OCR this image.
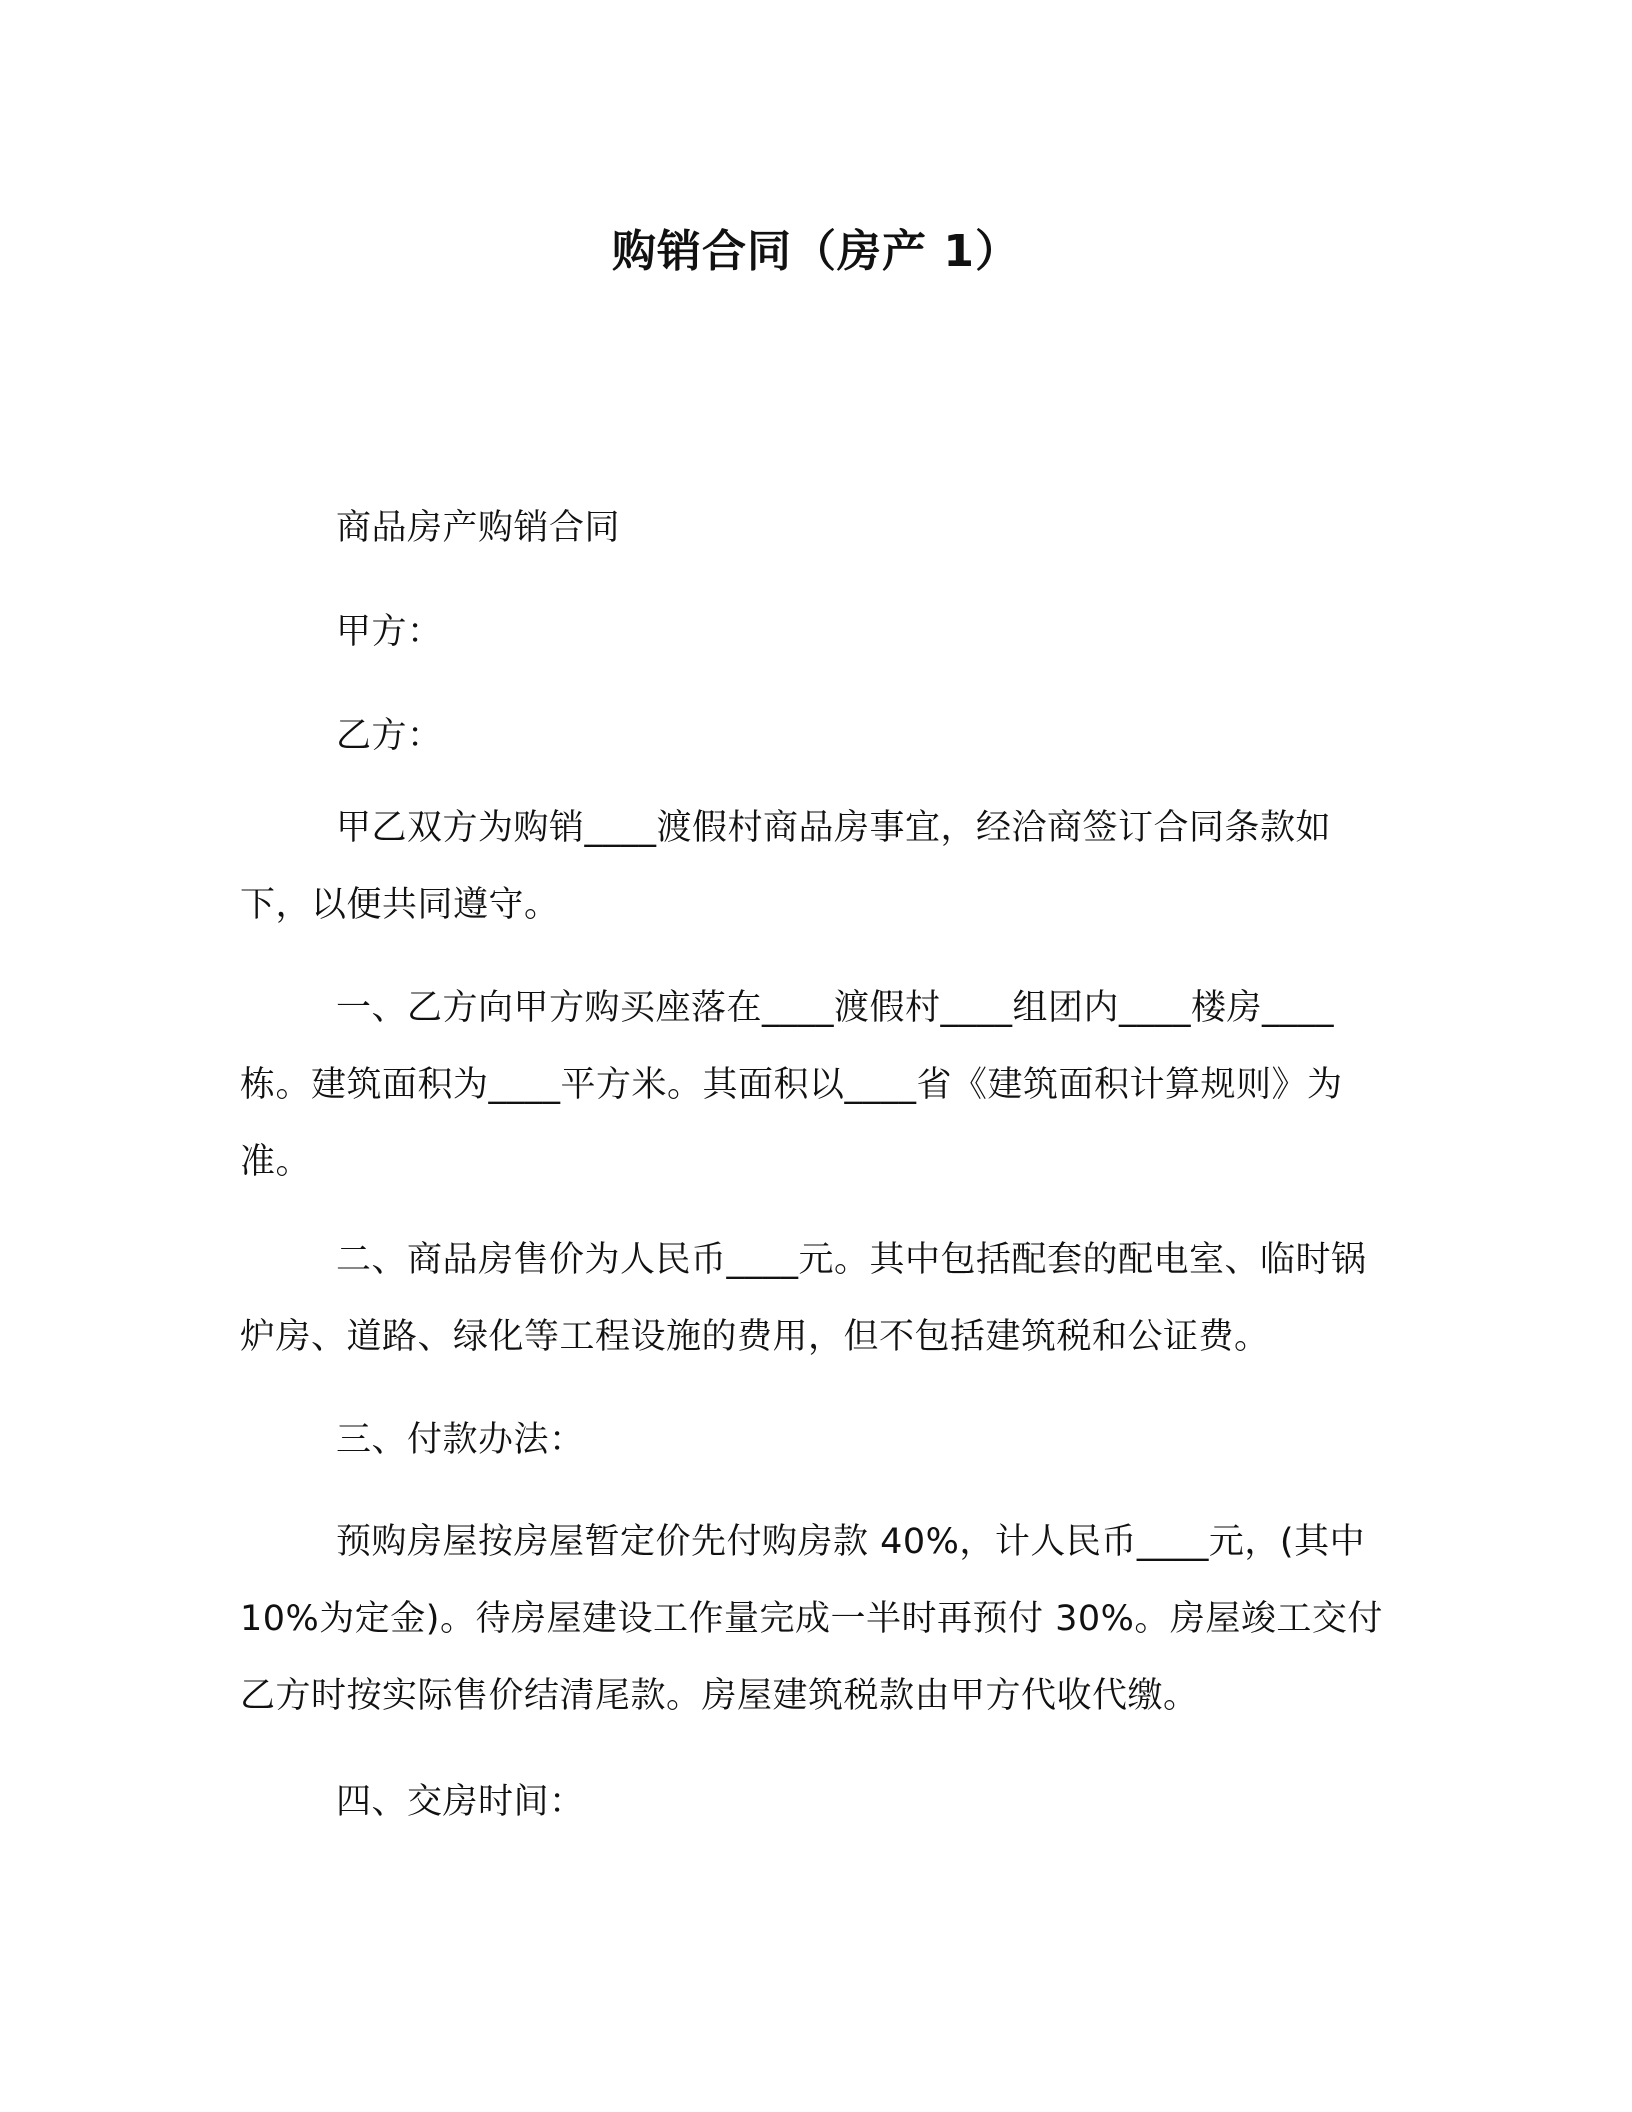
购销合同（房产 1）
商品房产购销合同
甲方：
乙方：
甲乙双方为购销____渡假村商品房事宜，经洽商签订合同条款如下，以便共同遵守。
一、乙方向甲方购买座落在____渡假村____组团内____楼房____栋。建筑面积为____平方米。其面积以____省《建筑面积计算规则》为准。
二、商品房售价为人民币____元。其中包括配套的配电室、临时锅炉房、道路、绿化等工程设施的费用，但不包括建筑税和公证费。
三、付款办法：
预购房屋按房屋暂定价先付购房款 40%，计人民币____元，(其中 10%为定金)。待房屋建设工作量完成一半时再预付 30%。房屋竣工交付乙方时按实际售价结清尾款。房屋建筑税款由甲方代收代缴。
四、交房时间：
